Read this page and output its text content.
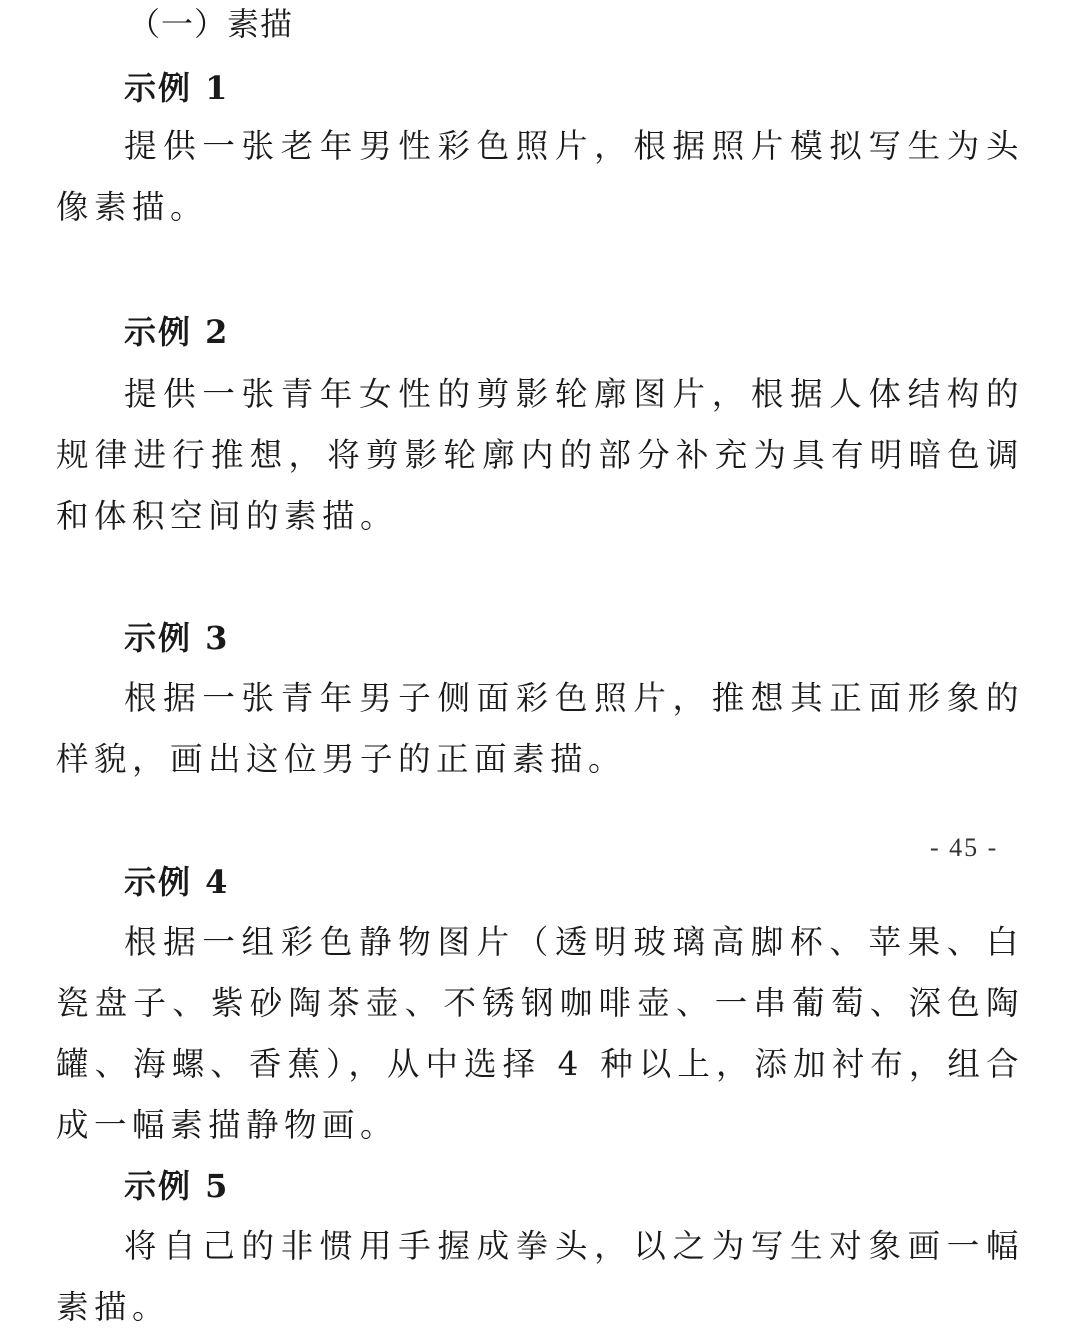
（一）素描
示例 1

提供一张老年男性彩色照片，根据照片模拟写生为头像素描。

示例 2

提供一张青年女性的剪影轮廓图片，根据人体结构的规律进行推想，将剪影轮廓内的部分补充为具有明暗色调和体积空间的素描。

示例 3

根据一张青年男子侧面彩色照片，推想其正面形象的样貌，画出这位男子的正面素描。

- 45 -
示例 4

根据一组彩色静物图片（透明玻璃高脚杯、苹果、白瓷盘子、紫砂陶茶壶、不锈钢咖啡壶、一串葡萄、深色陶罐、海螺、香蕉），从中选择 4 种以上，添加衬布，组合成一幅素描静物画。

示例 5

将自己的非惯用手握成拳头，以之为写生对象画一幅素描。
